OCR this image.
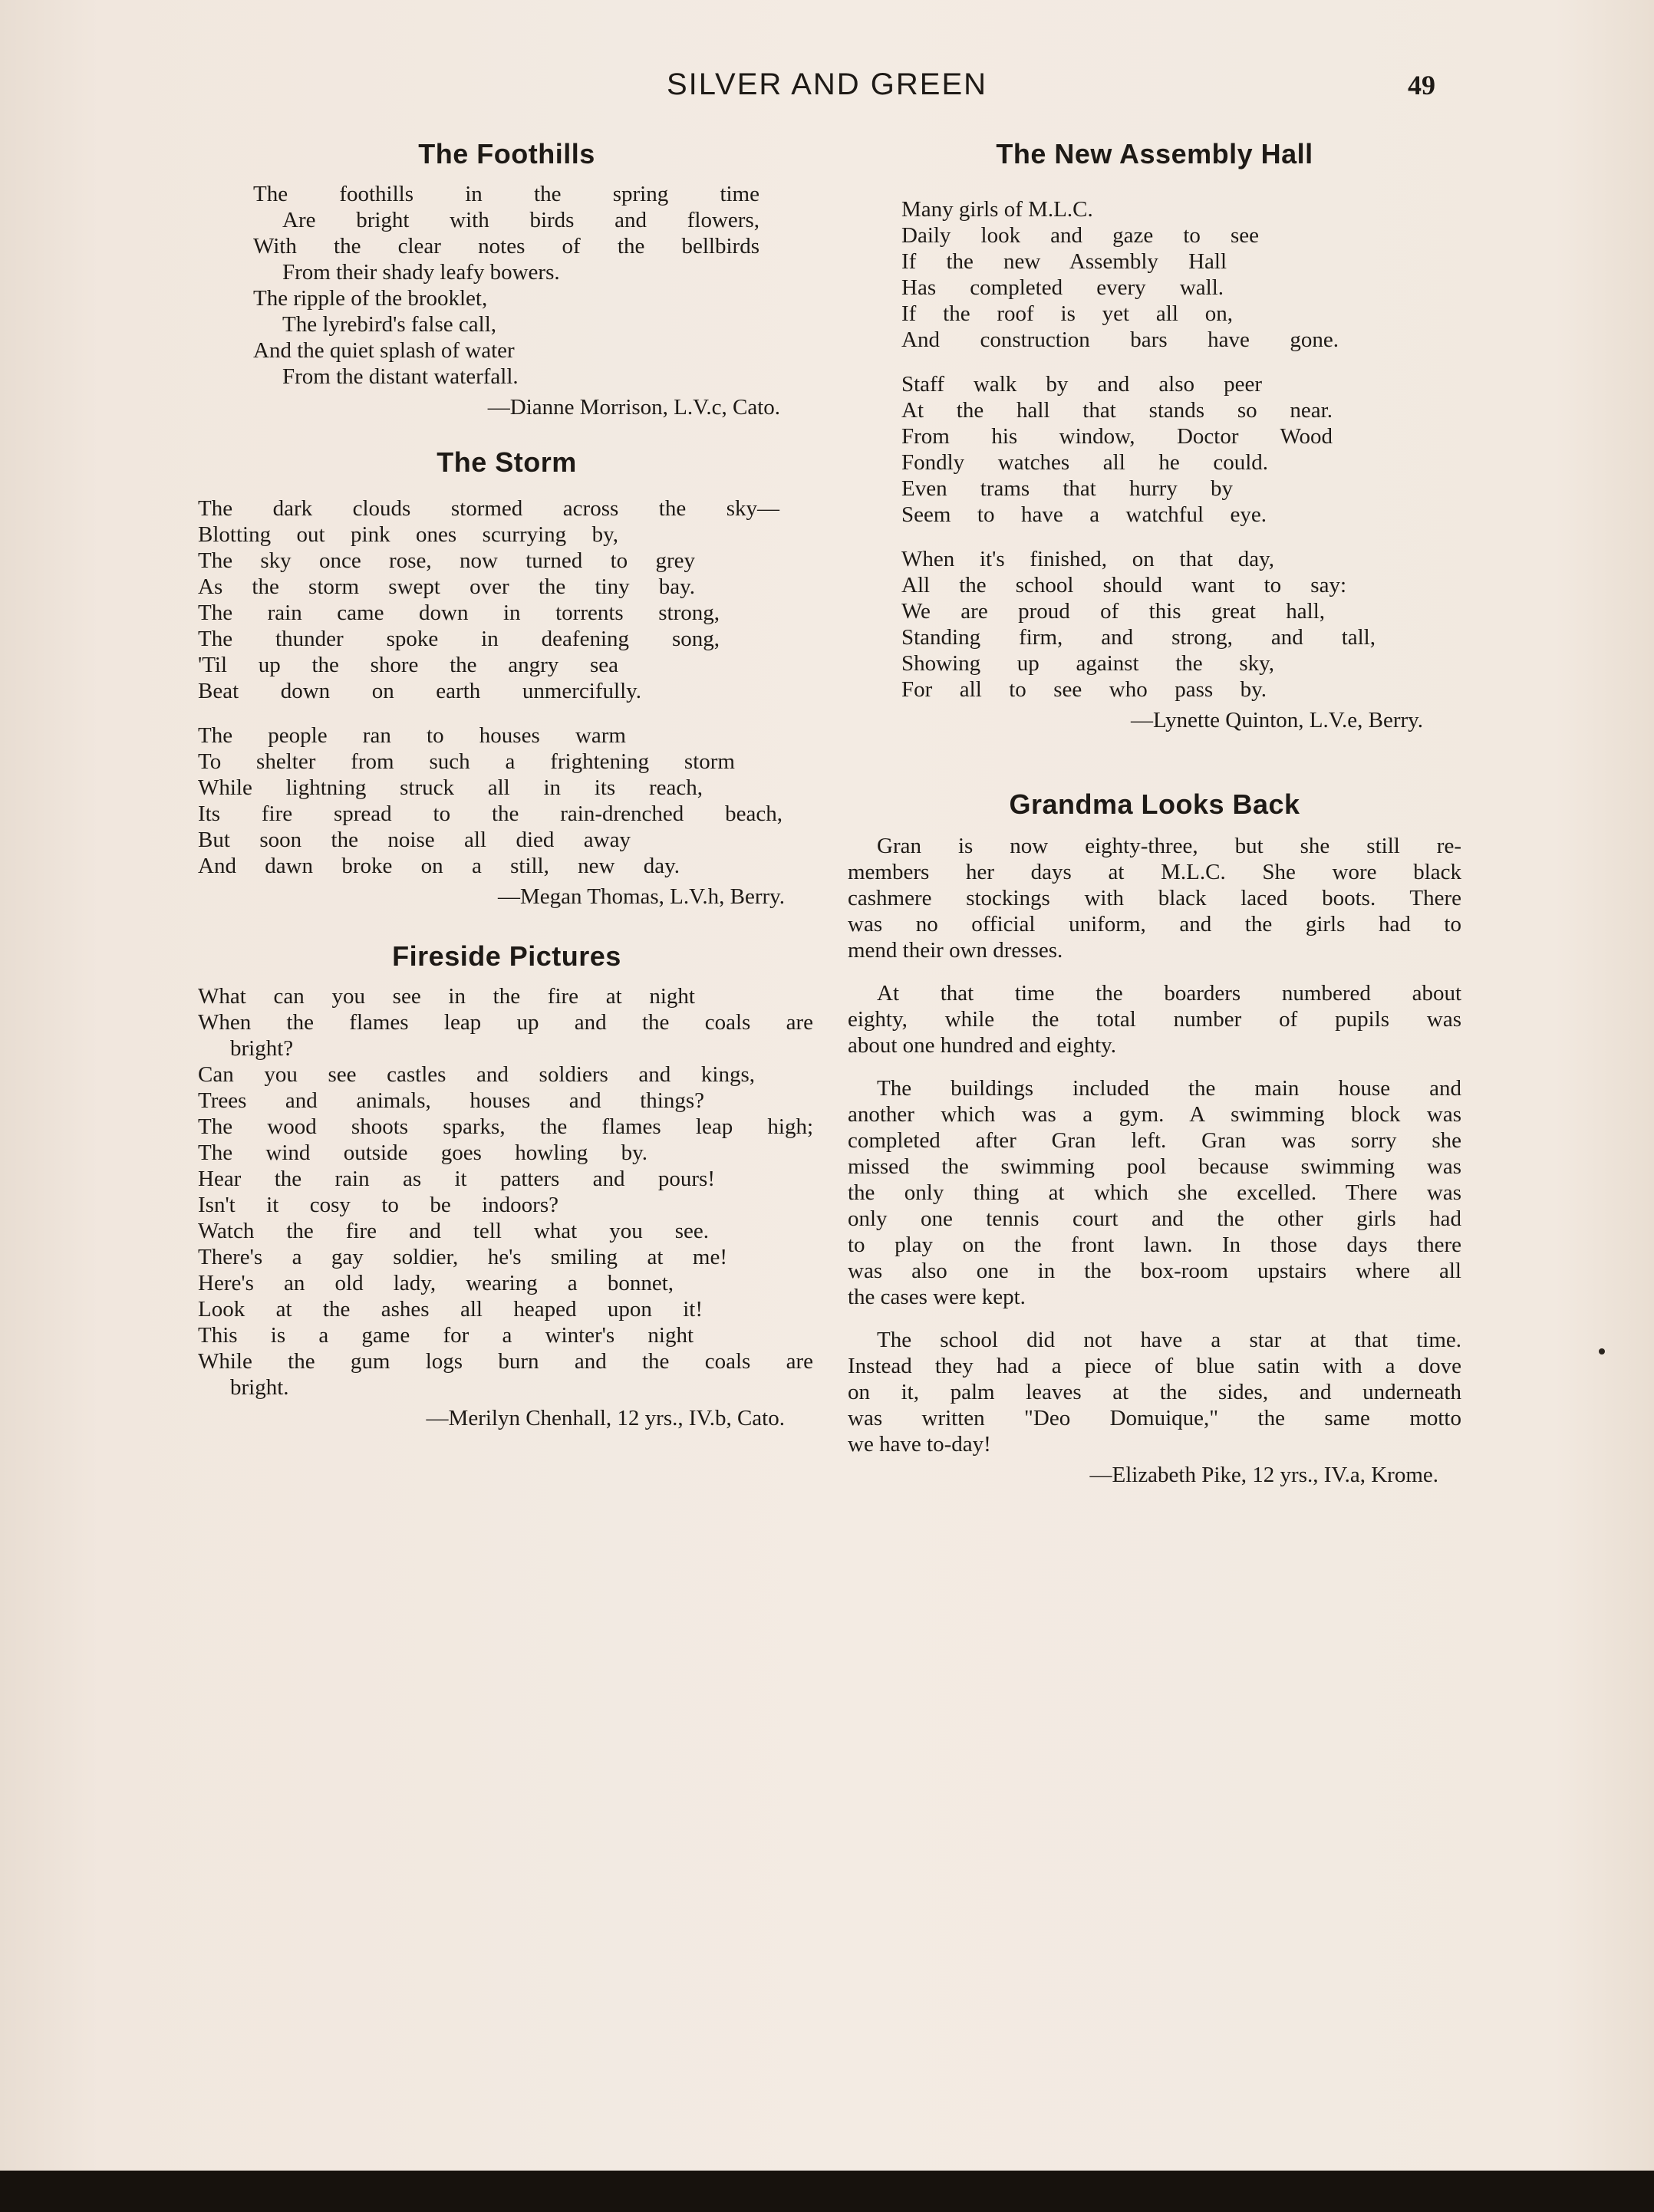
SILVER AND GREEN	49
The Foothills
The foothills in the spring time
Are bright with birds and flowers,
With the clear notes of the bellbirds
From their shady leafy bowers.
The ripple of the brooklet,
The lyrebird's false call,
And the quiet splash of water
From the distant waterfall.
—Dianne Morrison, L.V.c, Cato.
The Storm
The dark clouds stormed across the sky—
Blotting out pink ones scurrying by,
The sky once rose, now turned to grey
As the storm swept over the tiny bay.
The rain came down in torrents strong,
The thunder spoke in deafening song,
'Til up the shore the angry sea
Beat down on earth unmercifully.
The people ran to houses warm
To shelter from such a frightening storm
While lightning struck all in its reach,
Its fire spread to the rain-drenched beach,
But soon the noise all died away
And dawn broke on a still, new day.
—Megan Thomas, L.V.h, Berry.
Fireside Pictures
What can you see in the fire at night
When the flames leap up and the coals are
bright?
Can you see castles and soldiers and kings,
Trees and animals, houses and things?
The wood shoots sparks, the flames leap high;
The wind outside goes howling by.
Hear the rain as it patters and pours!
Isn't it cosy to be indoors?
Watch the fire and tell what you see.
There's a gay soldier, he's smiling at me!
Here's an old lady, wearing a bonnet,
Look at the ashes all heaped upon it!
This is a game for a winter's night
While the gum logs burn and the coals are
bright.
—Merilyn Chenhall, 12 yrs., IV.b, Cato.
The New Assembly Hall
Many girls of M.L.C.
Daily look and gaze to see
If the new Assembly Hall
Has completed every wall.
If the roof is yet all on,
And construction bars have gone.
Staff walk by and also peer
At the hall that stands so near.
From his window, Doctor Wood
Fondly watches all he could.
Even trams that hurry by
Seem to have a watchful eye.
When it's finished, on that day,
All the school should want to say:
We are proud of this great hall,
Standing firm, and strong, and tall,
Showing up against the sky,
For all to see who pass by.
—Lynette Quinton, L.V.e, Berry.
Grandma Looks Back
Gran is now eighty-three, but she still re-
members her days at M.L.C. She wore black
cashmere stockings with black laced boots. There
was no official uniform, and the girls had to
mend their own dresses.
At that time the boarders numbered about
eighty, while the total number of pupils was
about one hundred and eighty.
The buildings included the main house and
another which was a gym. A swimming block was
completed after Gran left. Gran was sorry she
missed the swimming pool because swimming was
the only thing at which she excelled. There was
only one tennis court and the other girls had
to play on the front lawn. In those days there
was also one in the box-room upstairs where all
the cases were kept.
The school did not have a star at that time.
Instead they had a piece of blue satin with a dove
on it, palm leaves at the sides, and underneath
was written "Deo Domuique," the same motto
we have to-day!
—Elizabeth Pike, 12 yrs., IV.a, Krome.
